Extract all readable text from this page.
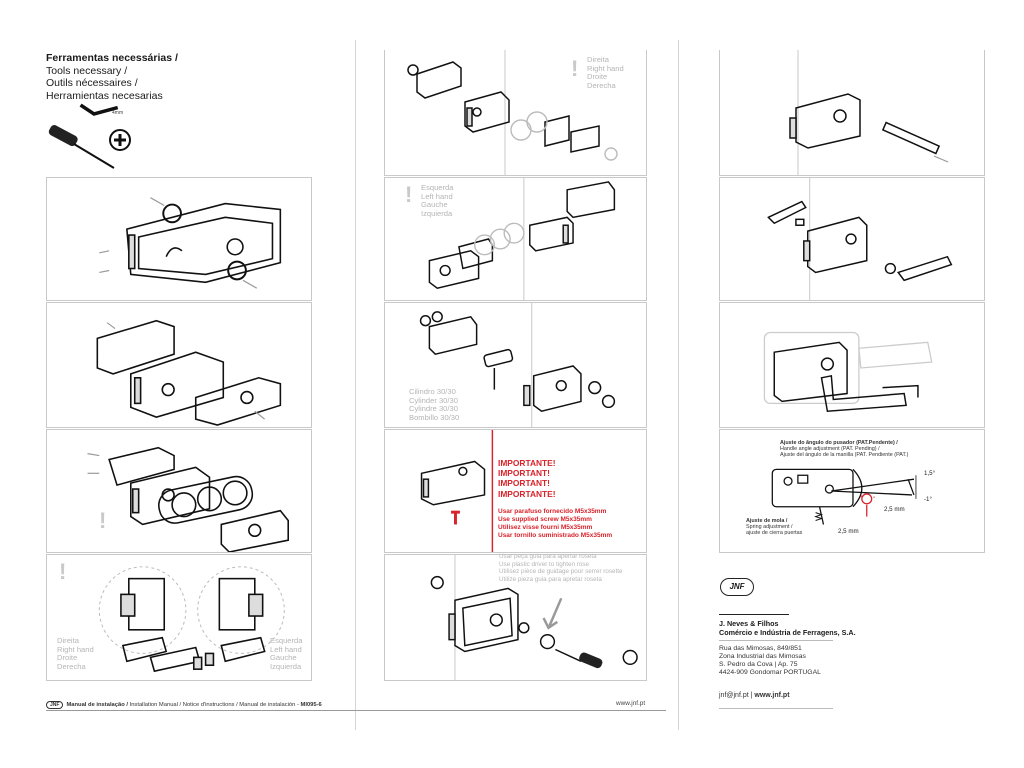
Ferramentas necessárias /
Tools necessary /
Outils nécessaires /
Herramientas necesarias
4mm
!
!
Direita
Right hand
Droite
Derecha
Esquerda
Left hand
Gauche
Izquierda
JNF Manual de instalação / Installation Manual / Notice d'instructions / Manual de instalación - MI095-6	www.jnf.pt
! Direita
Right hand
Droite
Derecha
! Esquerda
Left hand
Gauche
Izquierda
Cilindro 30/30
Cylinder 30/30
Cylindre 30/30
Bombillo 30/30
IMPORTANTE!
IMPORTANT!
IMPORTANT!
IMPORTANTE!
Usar parafuso fornecido M5x35mm
Use supplied screw M5x35mm
Utilisez visse fourni M5x35mm
Usar tornillo suministrado M5x35mm
Usar peça guia para apertar roseta
Use plastic driver to tighten rose
Utilisez pièce de guidage pour serrer rosette
Utilize pieza guia para apretar roseta
Ajuste do ângulo do pusador (PAT.Pendente) /
Handle angle adjustment (PAT. Pending) /
Ajuste del ángulo de la manilla (PAT. Pendiente (PAT.)
Ajuste de mola /
Spring adjustment /
ajuste de cierra puertas
1,5°
-1°
+ -
2,5 mm
2,5 mm
JNF
J. Neves & Filhos
Comércio e Indústria de Ferragens, S.A.
Rua das Mimosas, 849/851
Zona Industrial das Mimosas
S. Pedro da Cova | Ap. 75
4424-909 Gondomar PORTUGAL
jnf@jnf.pt | www.jnf.pt
